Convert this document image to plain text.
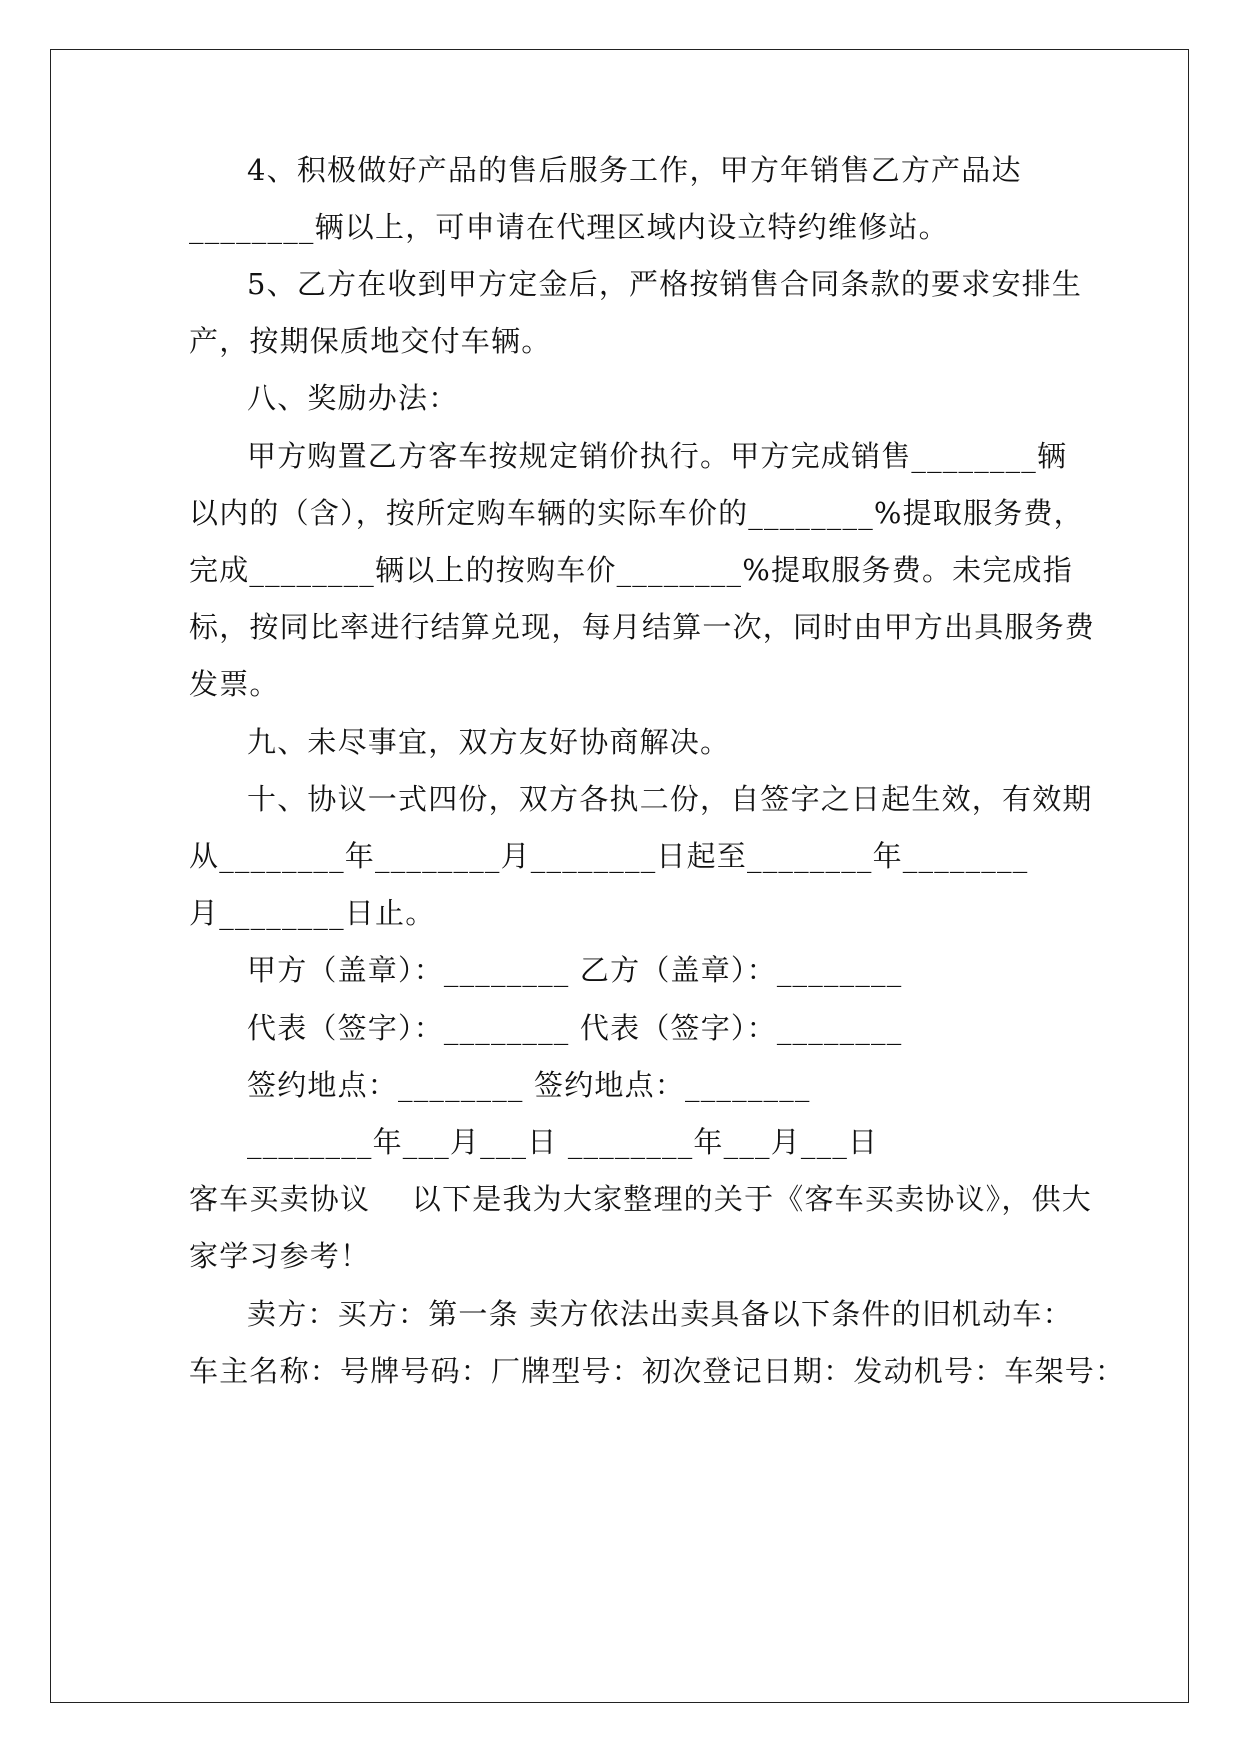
4、积极做好产品的售后服务工作，甲方年销售乙方产品达
________辆以上，可申请在代理区域内设立特约维修站。
5、乙方在收到甲方定金后，严格按销售合同条款的要求安排生
产，按期保质地交付车辆。
八、奖励办法：
甲方购置乙方客车按规定销价执行。甲方完成销售________辆
以内的（含），按所定购车辆的实际车价的________%提取服务费，
完成________辆以上的按购车价________%提取服务费。未完成指
标，按同比率进行结算兑现，每月结算一次，同时由甲方出具服务费
发票。
九、未尽事宜，双方友好协商解决。
十、协议一式四份，双方各执二份，自签字之日起生效，有效期
从________年________月________日起至________年________
月________日止。
甲方（盖章）：________ 乙方（盖章）：________
代表（签字）：________ 代表（签字）：________
签约地点：________ 签约地点：________
________年___月___日 ________年___月___日
客车买卖协议    以下是我为大家整理的关于《客车买卖协议》，供大
家学习参考！
卖方：买方：第一条 卖方依法出卖具备以下条件的旧机动车：
车主名称：号牌号码：厂牌型号：初次登记日期：发动机号：车架号：
